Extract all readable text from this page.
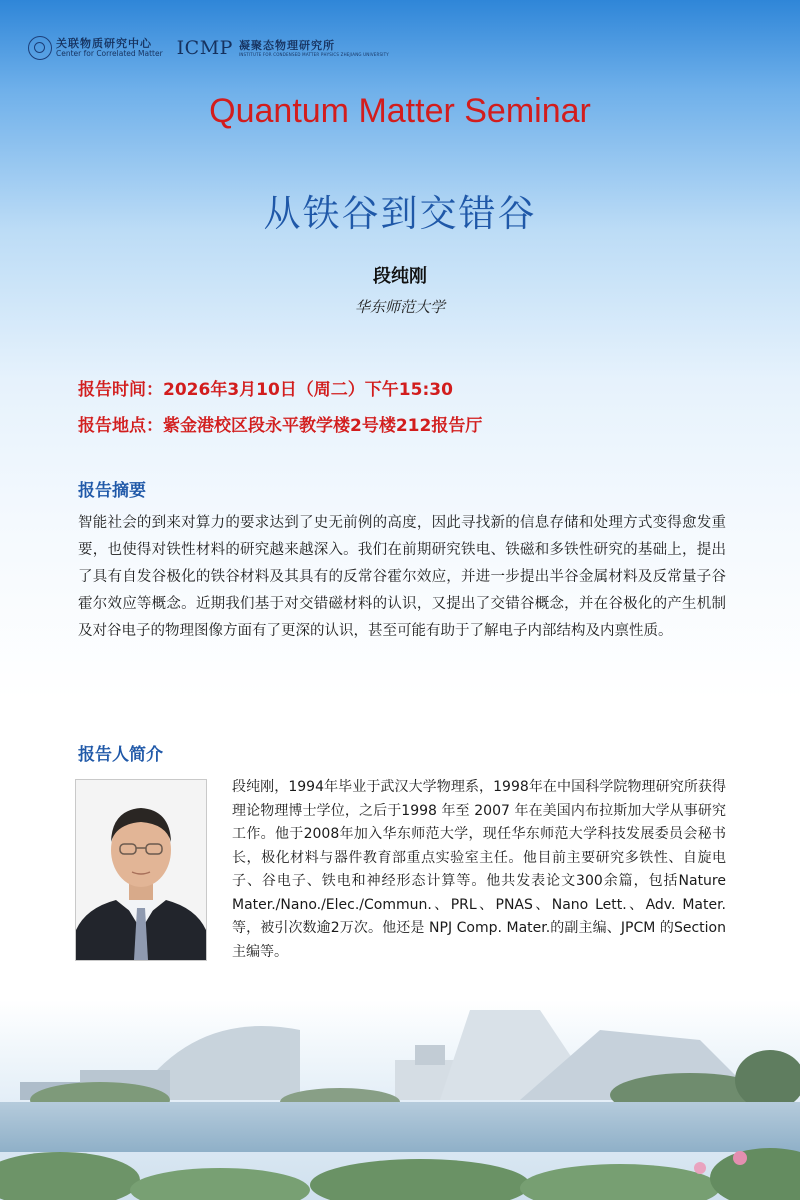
关联物质研究中心
Center for Correlated Matter ICMP 凝聚态物理研究所
INSTITUTE FOR CONDENSED MATTER PHYSICS ZHEJIANG UNIVERSITY
Quantum Matter Seminar
从铁谷到交错谷
段纯刚
华东师范大学
报告时间：2026年3月10日（周二）下午15:30
报告地点：紫金港校区段永平教学楼2号楼212报告厅
报告摘要
智能社会的到来对算力的要求达到了史无前例的高度，因此寻找新的信息存储和处理方式变得愈发重要，也使得对铁性材料的研究越来越深入。我们在前期研究铁电、铁磁和多铁性研究的基础上，提出了具有自发谷极化的铁谷材料及其具有的反常谷霍尔效应，并进一步提出半谷金属材料及反常量子谷霍尔效应等概念。近期我们基于对交错磁材料的认识，又提出了交错谷概念，并在谷极化的产生机制及对谷电子的物理图像方面有了更深的认识，甚至可能有助于了解电子内部结构及内禀性质。
报告人简介
段纯刚，1994年毕业于武汉大学物理系，1998年在中国科学院物理研究所获得理论物理博士学位，之后于1998 年至 2007 年在美国内布拉斯加大学从事研究工作。他于2008年加入华东师范大学，现任华东师范大学科技发展委员会秘书长，极化材料与器件教育部重点实验室主任。他目前主要研究多铁性、自旋电子、谷电子、铁电和神经形态计算等。他共发表论文300余篇，包括Nature Mater./Nano./Elec./Commun.、PRL、PNAS、Nano Lett.、Adv. Mater.等，被引次数逾2万次。他还是 NPJ Comp. Mater.的副主编、JPCM 的Section主编等。
